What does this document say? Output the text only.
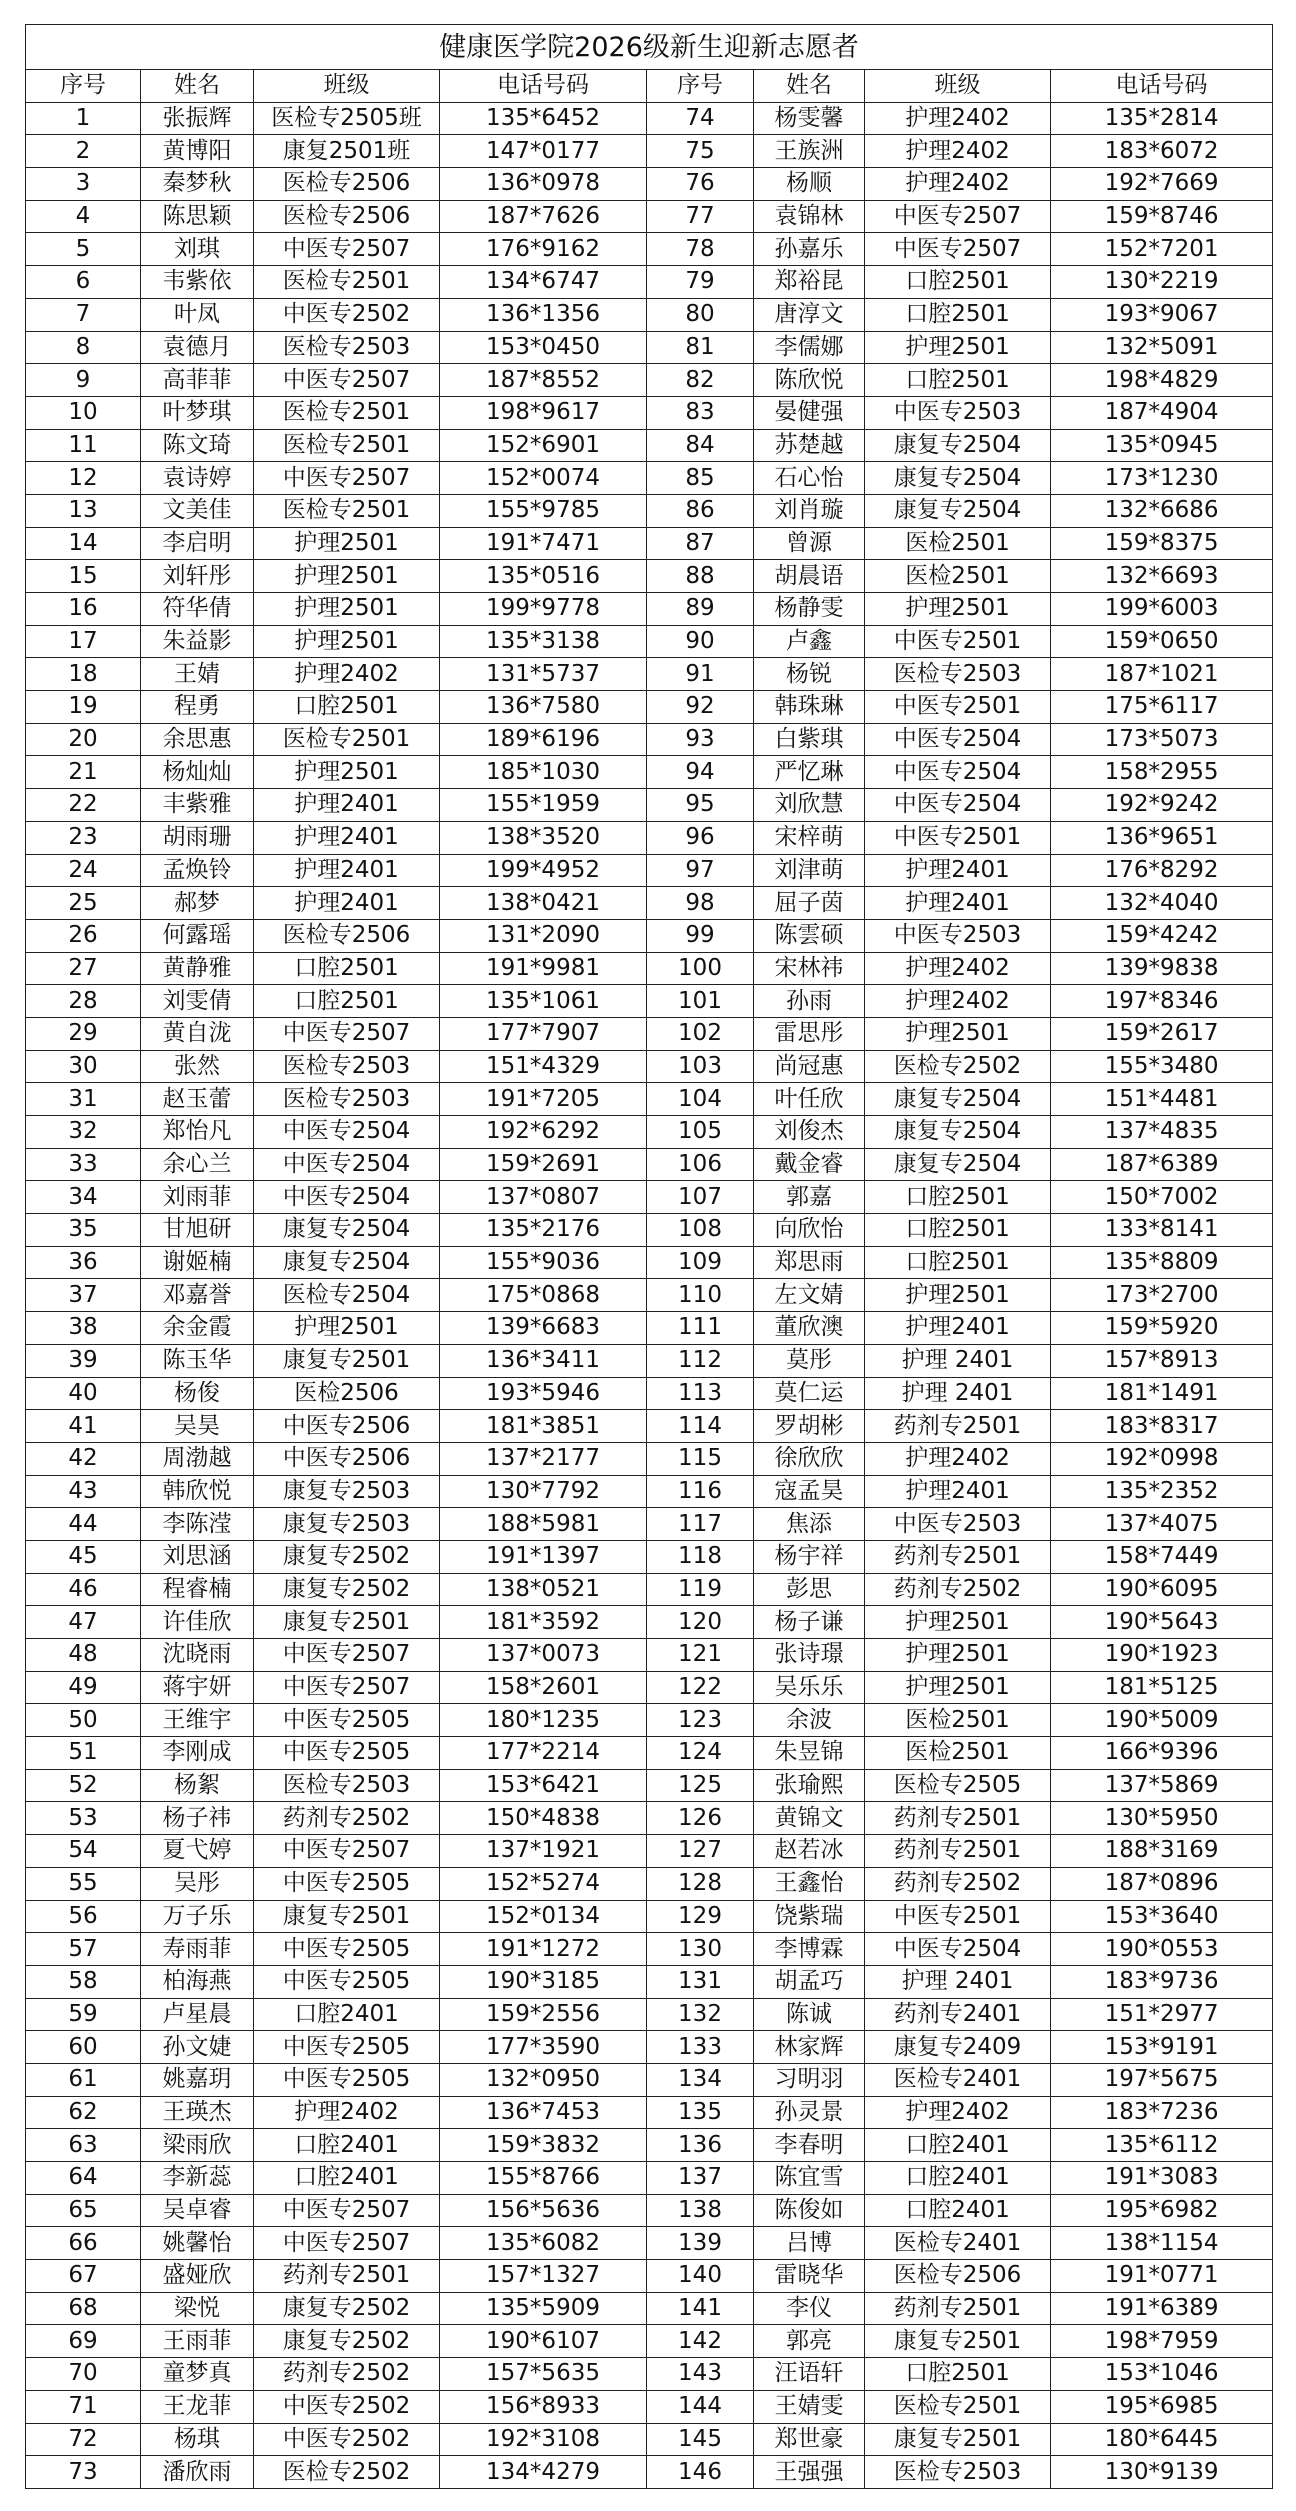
健康医学院2026级新生迎新志愿者							
序号	姓名	班级	电话号码	序号	姓名	班级	电话号码
1	张振辉	医检专2505班	135*6452	74	杨雯馨	护理2402	135*2814
2	黄博阳	康复2501班	147*0177	75	王族洲	护理2402	183*6072
3	秦梦秋	医检专2506	136*0978	76	杨顺	护理2402	192*7669
4	陈思颖	医检专2506	187*7626	77	袁锦林	中医专2507	159*8746
5	刘琪	中医专2507	176*9162	78	孙嘉乐	中医专2507	152*7201
6	韦紫依	医检专2501	134*6747	79	郑裕昆	口腔2501	130*2219
7	叶凤	中医专2502	136*1356	80	唐淳文	口腔2501	193*9067
8	袁德月	医检专2503	153*0450	81	李儒娜	护理2501	132*5091
9	高菲菲	中医专2507	187*8552	82	陈欣悦	口腔2501	198*4829
10	叶梦琪	医检专2501	198*9617	83	晏健强	中医专2503	187*4904
11	陈文琦	医检专2501	152*6901	84	苏楚越	康复专2504	135*0945
12	袁诗婷	中医专2507	152*0074	85	石心怡	康复专2504	173*1230
13	文美佳	医检专2501	155*9785	86	刘肖璇	康复专2504	132*6686
14	李启明	护理2501	191*7471	87	曾源	医检2501	159*8375
15	刘轩彤	护理2501	135*0516	88	胡晨语	医检2501	132*6693
16	符华倩	护理2501	199*9778	89	杨静雯	护理2501	199*6003
17	朱益影	护理2501	135*3138	90	卢鑫	中医专2501	159*0650
18	王婧	护理2402	131*5737	91	杨锐	医检专2503	187*1021
19	程勇	口腔2501	136*7580	92	韩珠琳	中医专2501	175*6117
20	余思惠	医检专2501	189*6196	93	白紫琪	中医专2504	173*5073
21	杨灿灿	护理2501	185*1030	94	严忆琳	中医专2504	158*2955
22	丰紫雅	护理2401	155*1959	95	刘欣慧	中医专2504	192*9242
23	胡雨珊	护理2401	138*3520	96	宋梓萌	中医专2501	136*9651
24	孟焕铃	护理2401	199*4952	97	刘津萌	护理2401	176*8292
25	郝梦	护理2401	138*0421	98	屈子茵	护理2401	132*4040
26	何露瑶	医检专2506	131*2090	99	陈雲硕	中医专2503	159*4242
27	黄静雅	口腔2501	191*9981	100	宋林祎	护理2402	139*9838
28	刘雯倩	口腔2501	135*1061	101	孙雨	护理2402	197*8346
29	黄自泷	中医专2507	177*7907	102	雷思彤	护理2501	159*2617
30	张然	医检专2503	151*4329	103	尚冠惠	医检专2502	155*3480
31	赵玉蕾	医检专2503	191*7205	104	叶任欣	康复专2504	151*4481
32	郑怡凡	中医专2504	192*6292	105	刘俊杰	康复专2504	137*4835
33	余心兰	中医专2504	159*2691	106	戴金睿	康复专2504	187*6389
34	刘雨菲	中医专2504	137*0807	107	郭嘉	口腔2501	150*7002
35	甘旭研	康复专2504	135*2176	108	向欣怡	口腔2501	133*8141
36	谢姬楠	康复专2504	155*9036	109	郑思雨	口腔2501	135*8809
37	邓嘉誉	医检专2504	175*0868	110	左文婧	护理2501	173*2700
38	余金霞	护理2501	139*6683	111	董欣澳	护理2401	159*5920
39	陈玉华	康复专2501	136*3411	112	莫彤	护理 2401	157*8913
40	杨俊	医检2506	193*5946	113	莫仁运	护理 2401	181*1491
41	吴昊	中医专2506	181*3851	114	罗胡彬	药剂专2501	183*8317
42	周渤越	中医专2506	137*2177	115	徐欣欣	护理2402	192*0998
43	韩欣悦	康复专2503	130*7792	116	寇孟昊	护理2401	135*2352
44	李陈滢	康复专2503	188*5981	117	焦添	中医专2503	137*4075
45	刘思涵	康复专2502	191*1397	118	杨宇祥	药剂专2501	158*7449
46	程睿楠	康复专2502	138*0521	119	彭思	药剂专2502	190*6095
47	许佳欣	康复专2501	181*3592	120	杨子谦	护理2501	190*5643
48	沈晓雨	中医专2507	137*0073	121	张诗璟	护理2501	190*1923
49	蒋宇妍	中医专2507	158*2601	122	吴乐乐	护理2501	181*5125
50	王维宇	中医专2505	180*1235	123	余波	医检2501	190*5009
51	李刚成	中医专2505	177*2214	124	朱昱锦	医检2501	166*9396
52	杨絮	医检专2503	153*6421	125	张瑜熙	医检专2505	137*5869
53	杨子祎	药剂专2502	150*4838	126	黄锦文	药剂专2501	130*5950
54	夏弋婷	中医专2507	137*1921	127	赵若冰	药剂专2501	188*3169
55	吴彤	中医专2505	152*5274	128	王鑫怡	药剂专2502	187*0896
56	万子乐	康复专2501	152*0134	129	饶紫瑞	中医专2501	153*3640
57	寿雨菲	中医专2505	191*1272	130	李博霖	中医专2504	190*0553
58	柏海燕	中医专2505	190*3185	131	胡孟巧	护理 2401	183*9736
59	卢星晨	口腔2401	159*2556	132	陈诚	药剂专2401	151*2977
60	孙文婕	中医专2505	177*3590	133	林家辉	康复专2409	153*9191
61	姚嘉玥	中医专2505	132*0950	134	习明羽	医检专2401	197*5675
62	王瑛杰	护理2402	136*7453	135	孙灵景	护理2402	183*7236
63	梁雨欣	口腔2401	159*3832	136	李春明	口腔2401	135*6112
64	李新蕊	口腔2401	155*8766	137	陈宜雪	口腔2401	191*3083
65	吴卓睿	中医专2507	156*5636	138	陈俊如	口腔2401	195*6982
66	姚馨怡	中医专2507	135*6082	139	吕博	医检专2401	138*1154
67	盛娅欣	药剂专2501	157*1327	140	雷晓华	医检专2506	191*0771
68	梁悦	康复专2502	135*5909	141	李仪	药剂专2501	191*6389
69	王雨菲	康复专2502	190*6107	142	郭亮	康复专2501	198*7959
70	童梦真	药剂专2502	157*5635	143	汪语轩	口腔2501	153*1046
71	王龙菲	中医专2502	156*8933	144	王婧雯	医检专2501	195*6985
72	杨琪	中医专2502	192*3108	145	郑世豪	康复专2501	180*6445
73	潘欣雨	医检专2502	134*4279	146	王强强	医检专2503	130*9139
